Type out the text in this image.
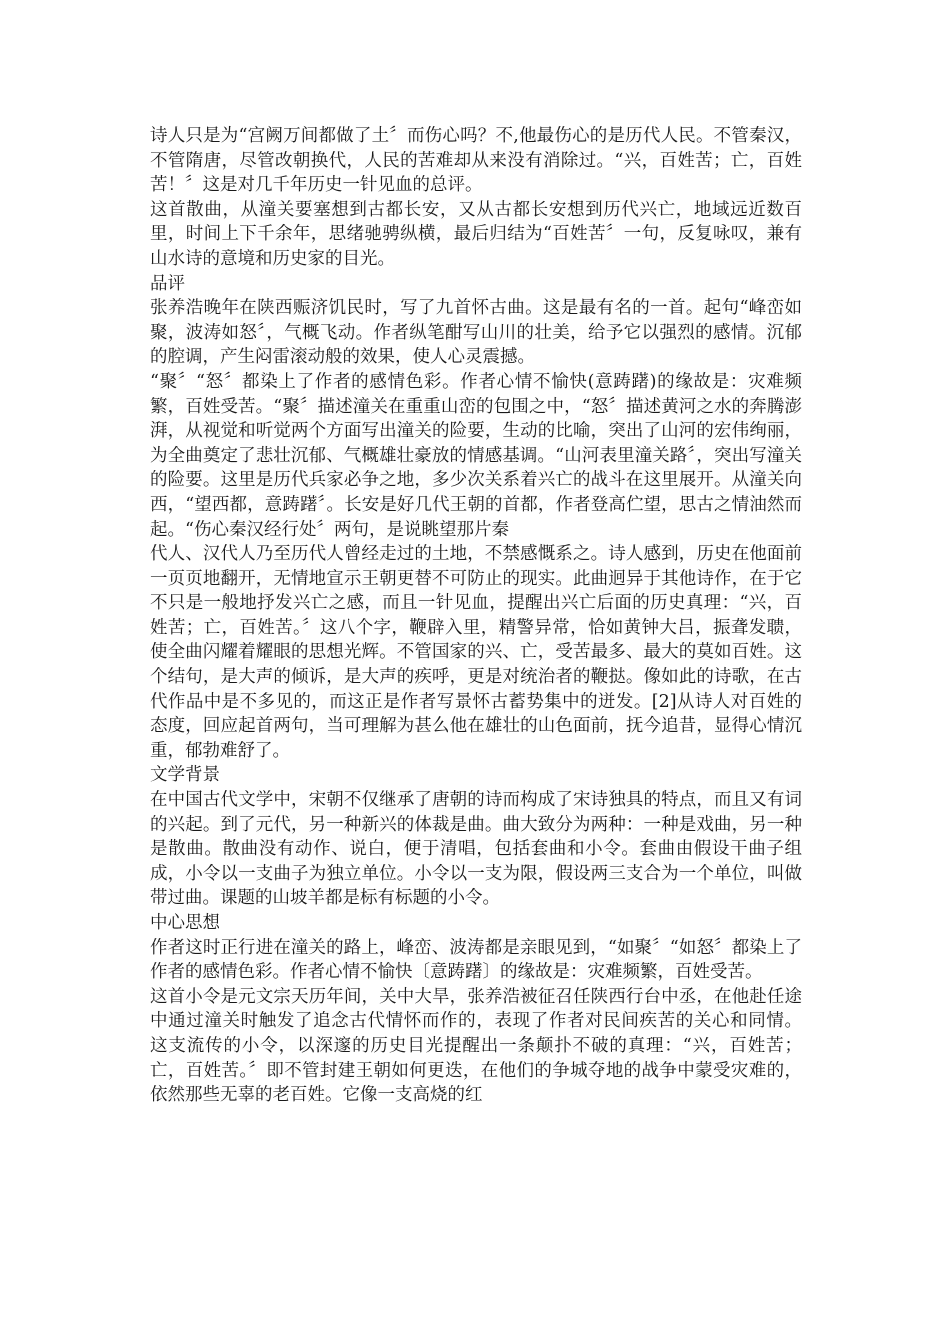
诗人只是为“宫阙万间都做了土〞而伤心吗？不,他最伤心的是历代人民。不管秦汉，不管隋唐，尽管改朝换代，人民的苦难却从来没有消除过。“兴，百姓苦；亡，百姓苦！〞这是对几千年历史一针见血的总评。

这首散曲，从潼关要塞想到古都长安，又从古都长安想到历代兴亡，地域远近数百里，时间上下千余年，思绪驰骋纵横，最后归结为“百姓苦〞一句，反复咏叹，兼有山水诗的意境和历史家的目光。

品评

张养浩晚年在陕西赈济饥民时，写了九首怀古曲。这是最有名的一首。起句“峰峦如聚，波涛如怒〞，气概飞动。作者纵笔酣写山川的壮美，给予它以强烈的感情。沉郁的腔调，产生闷雷滚动般的效果，使人心灵震撼。

“聚〞“怒〞都染上了作者的感情色彩。作者心情不愉快(意踌躇)的缘故是：灾难频繁，百姓受苦。“聚〞描述潼关在重重山峦的包围之中，“怒〞描述黄河之水的奔腾澎湃，从视觉和听觉两个方面写出潼关的险要，生动的比喻，突出了山河的宏伟绚丽，为全曲奠定了悲壮沉郁、气概雄壮豪放的情感基调。“山河表里潼关路〞，突出写潼关的险要。这里是历代兵家必争之地，多少次关系着兴亡的战斗在这里展开。从潼关向西，“望西都，意踌躇〞。长安是好几代王朝的首都，作者登高伫望，思古之情油然而起。“伤心秦汉经行处〞两句，是说眺望那片秦

代人、汉代人乃至历代人曾经走过的土地，不禁感慨系之。诗人感到，历史在他面前一页页地翻开，无情地宣示王朝更替不可防止的现实。此曲迥异于其他诗作，在于它不只是一般地抒发兴亡之感，而且一针见血，提醒出兴亡后面的历史真理：“兴，百姓苦；亡，百姓苦。〞这八个字，鞭辟入里，精警异常，恰如黄钟大吕，振聋发聩，使全曲闪耀着耀眼的思想光辉。不管国家的兴、亡，受苦最多、最大的莫如百姓。这个结句，是大声的倾诉，是大声的疾呼，更是对统治者的鞭挞。像如此的诗歌，在古代作品中是不多见的，而这正是作者写景怀古蓄势集中的迸发。[2]从诗人对百姓的态度，回应起首两句，当可理解为甚么他在雄壮的山色面前，抚今追昔，显得心情沉重，郁勃难舒了。

文学背景

在中国古代文学中，宋朝不仅继承了唐朝的诗而构成了宋诗独具的特点，而且又有词的兴起。到了元代，另一种新兴的体裁是曲。曲大致分为两种：一种是戏曲，另一种是散曲。散曲没有动作、说白，便于清唱，包括套曲和小令。套曲由假设干曲子组成，小令以一支曲子为独立单位。小令以一支为限，假设两三支合为一个单位，叫做带过曲。课题的山坡羊都是标有标题的小令。

中心思想

作者这时正行进在潼关的路上，峰峦、波涛都是亲眼见到，“如聚〞“如怒〞都染上了作者的感情色彩。作者心情不愉快〔意踌躇〕的缘故是：灾难频繁，百姓受苦。

这首小令是元文宗天历年间，关中大旱，张养浩被征召任陕西行台中丞，在他赴任途中通过潼关时触发了追念古代情怀而作的，表现了作者对民间疾苦的关心和同情。 这支流传的小令，以深邃的历史目光提醒出一条颠扑不破的真理：“兴，百姓苦；亡，百姓苦。〞即不管封建王朝如何更迭，在他们的争城夺地的战争中蒙受灾难的，依然那些无辜的老百姓。它像一支高烧的红
